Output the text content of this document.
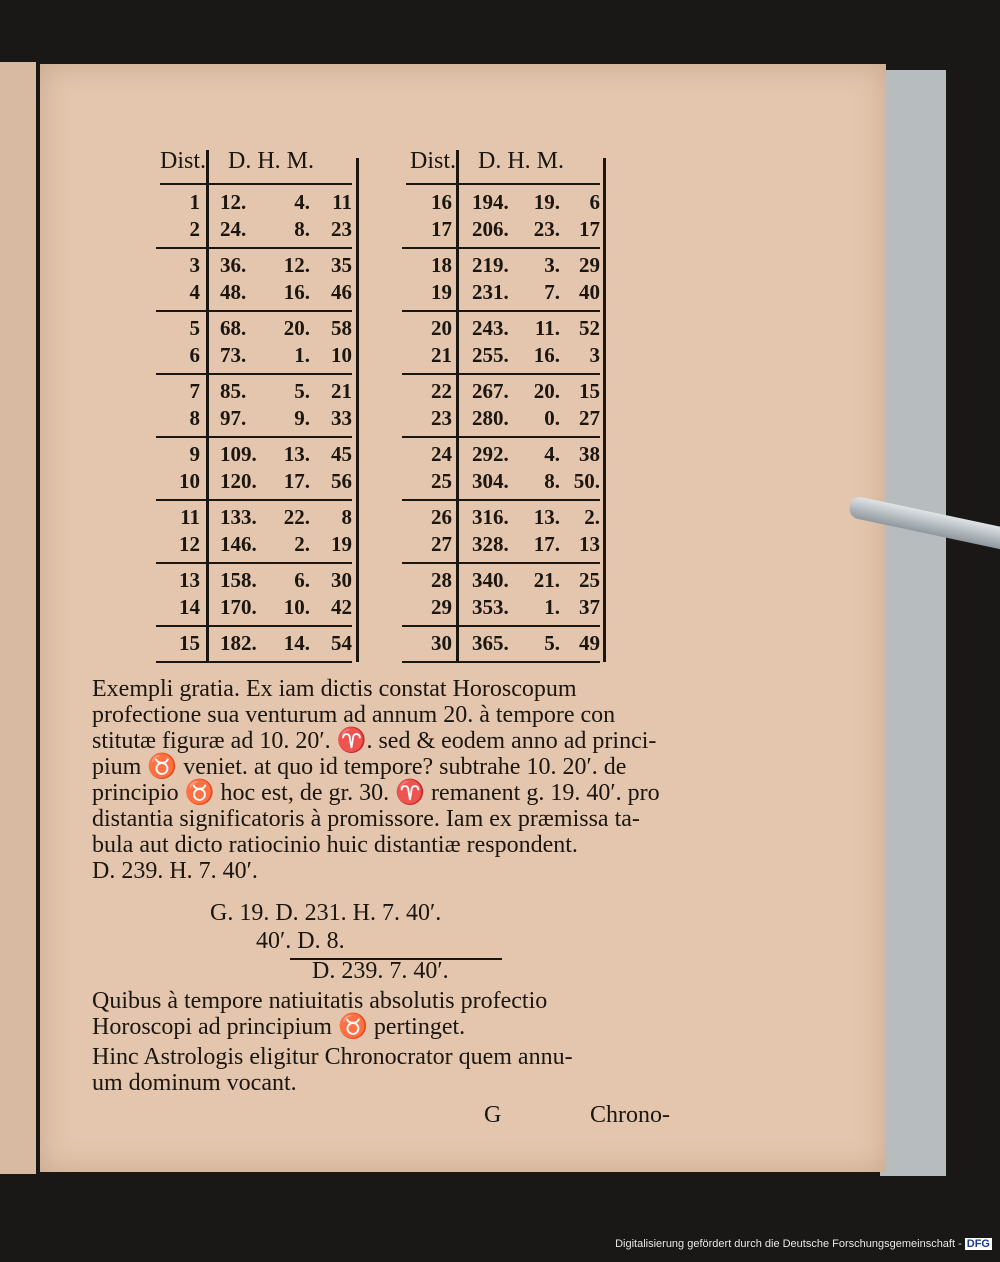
Dist. D. H. M.	Dist. D. H. M.
1 12. 4. 11
2 24. 8. 23
3 36. 12. 35
4 48. 16. 46
5 68. 20. 58
6 73. 1. 10
7 85. 5. 21
8 97. 9. 33
9 109. 13. 45
10 120. 17. 56
11 133. 22. 8
12 146. 2. 19
13 158. 6. 30
14 170. 10. 42
15 182. 14. 54
16 194. 19. 6
17 206. 23. 17
18 219. 3. 29
19 231. 7. 40
20 243. 11. 52
21 255. 16. 3
22 267. 20. 15
23 280. 0. 27
24 292. 4. 38
25 304. 8. 50.
26 316. 13. 2.
27 328. 17. 13
28 340. 21. 25
29 353. 1. 37
30 365. 5. 49
Exempli gratia. Ex iam dictis constat Horoscopum
profectione sua venturum ad annum 20. à tempore con
stitutæ figuræ ad 10. 20′. ♈. sed & eodem anno ad princi-
pium ♉ veniet. at quo id tempore? subtrahe 10. 20′. de
principio ♉ hoc est, de gr. 30. ♈ remanent g. 19. 40′. pro
distantia significatoris à promissore. Iam ex præmissa ta-
bula aut dicto ratiocinio huic distantiæ respondent.
D. 239. H. 7. 40′.
G. 19. D. 231. H. 7. 40′.
40′. D. 8.
D. 239. 7. 40′.
Quibus à tempore natiuitatis absolutis profectio
Horoscopi ad principium ♉ pertinget.
Hinc Astrologis eligitur Chronocrator quem annu-
um dominum vocant.
G	Chrono-
Digitalisierung gefördert durch die Deutsche Forschungsgemeinschaft - DFG
